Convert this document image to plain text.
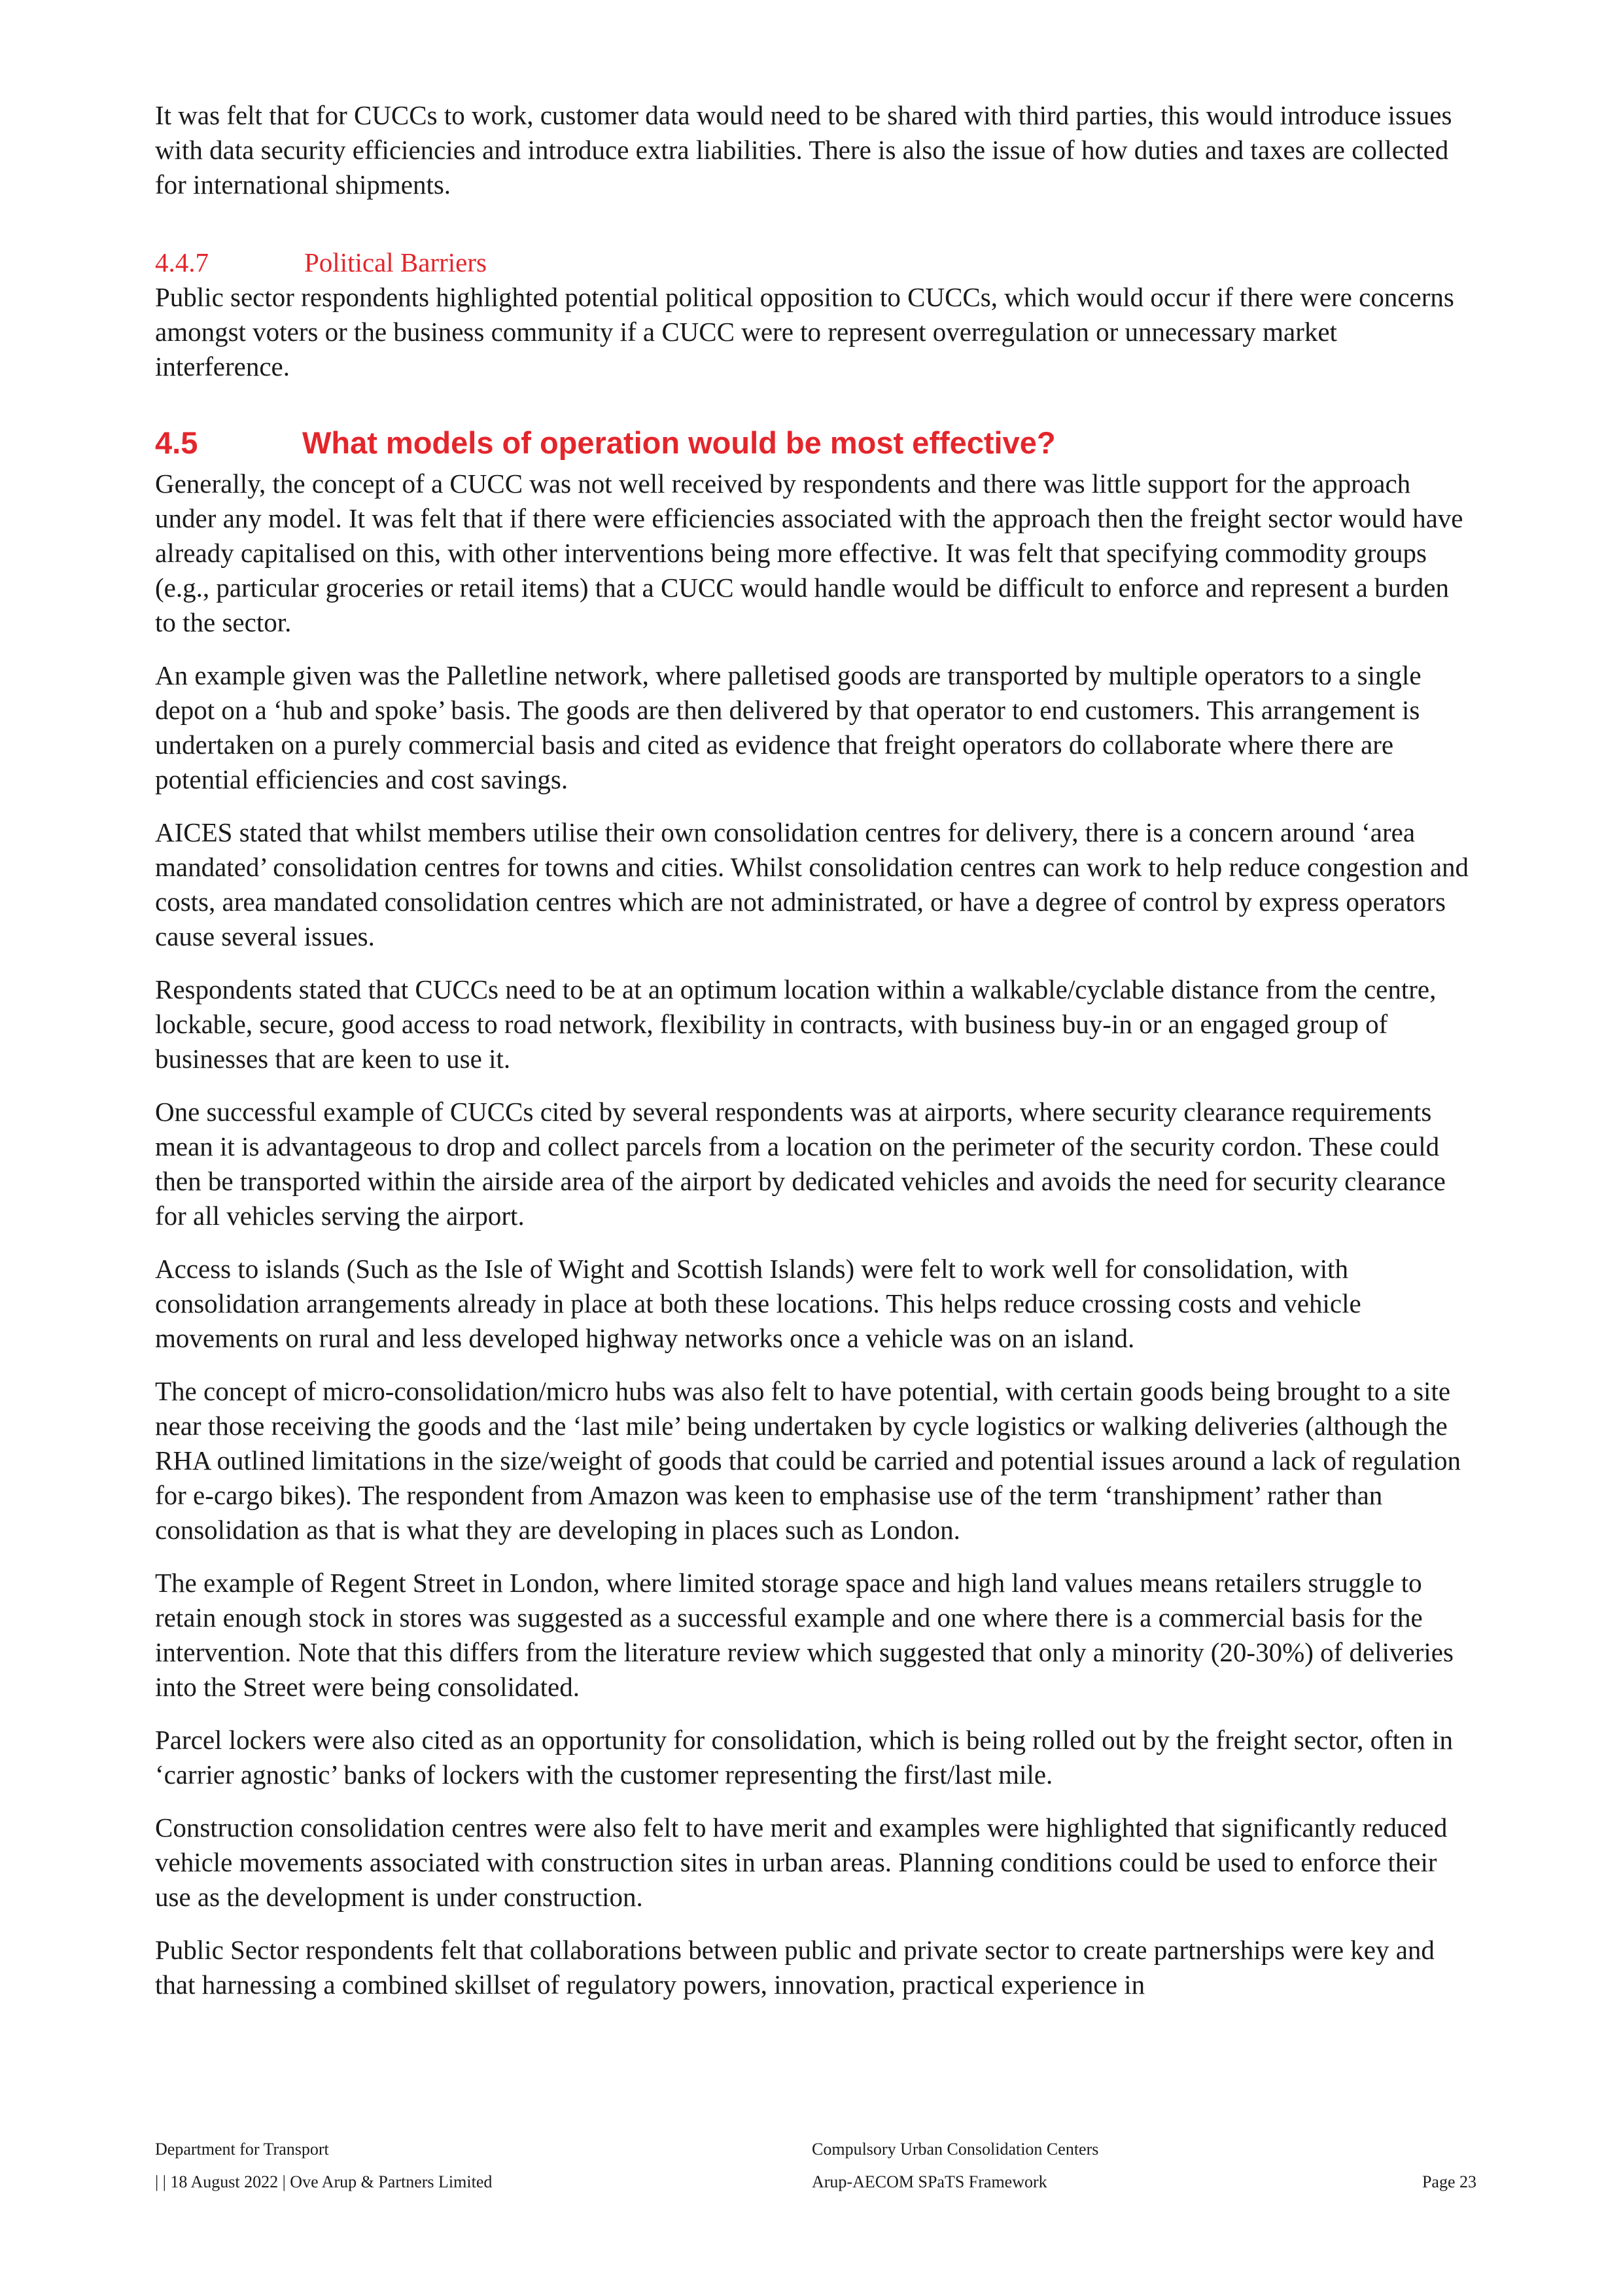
It was felt that for CUCCs to work, customer data would need to be shared with third parties, this would introduce issues with data security efficiencies and introduce extra liabilities. There is also the issue of how duties and taxes are collected for international shipments.

4.4.7	Political Barriers

Public sector respondents highlighted potential political opposition to CUCCs, which would occur if there were concerns amongst voters or the business community if a CUCC were to represent overregulation or unnecessary market interference.

4.5	What models of operation would be most effective?

Generally, the concept of a CUCC was not well received by respondents and there was little support for the approach under any model. It was felt that if there were efficiencies associated with the approach then the freight sector would have already capitalised on this, with other interventions being more effective. It was felt that specifying commodity groups (e.g., particular groceries or retail items) that a CUCC would handle would be difficult to enforce and represent a burden to the sector.

An example given was the Palletline network, where palletised goods are transported by multiple operators to a single depot on a ‘hub and spoke’ basis. The goods are then delivered by that operator to end customers. This arrangement is undertaken on a purely commercial basis and cited as evidence that freight operators do collaborate where there are potential efficiencies and cost savings.

AICES stated that whilst members utilise their own consolidation centres for delivery, there is a concern around ‘area mandated’ consolidation centres for towns and cities. Whilst consolidation centres can work to help reduce congestion and costs, area mandated consolidation centres which are not administrated, or have a degree of control by express operators cause several issues.

Respondents stated that CUCCs need to be at an optimum location within a walkable/cyclable distance from the centre, lockable, secure, good access to road network, flexibility in contracts, with business buy-in or an engaged group of businesses that are keen to use it.

One successful example of CUCCs cited by several respondents was at airports, where security clearance requirements mean it is advantageous to drop and collect parcels from a location on the perimeter of the security cordon. These could then be transported within the airside area of the airport by dedicated vehicles and avoids the need for security clearance for all vehicles serving the airport.

Access to islands (Such as the Isle of Wight and Scottish Islands) were felt to work well for consolidation, with consolidation arrangements already in place at both these locations. This helps reduce crossing costs and vehicle movements on rural and less developed highway networks once a vehicle was on an island.

The concept of micro-consolidation/micro hubs was also felt to have potential, with certain goods being brought to a site near those receiving the goods and the ‘last mile’ being undertaken by cycle logistics or walking deliveries (although the RHA outlined limitations in the size/weight of goods that could be carried and potential issues around a lack of regulation for e-cargo bikes). The respondent from Amazon was keen to emphasise use of the term ‘transhipment’ rather than consolidation as that is what they are developing in places such as London.

The example of Regent Street in London, where limited storage space and high land values means retailers struggle to retain enough stock in stores was suggested as a successful example and one where there is a commercial basis for the intervention. Note that this differs from the literature review which suggested that only a minority (20-30%) of deliveries into the Street were being consolidated.

Parcel lockers were also cited as an opportunity for consolidation, which is being rolled out by the freight sector, often in ‘carrier agnostic’ banks of lockers with the customer representing the first/last mile.

Construction consolidation centres were also felt to have merit and examples were highlighted that significantly reduced vehicle movements associated with construction sites in urban areas. Planning conditions could be used to enforce their use as the development is under construction.

Public Sector respondents felt that collaborations between public and private sector to create partnerships were key and that harnessing a combined skillset of regulatory powers, innovation, practical experience in

Department for Transport	Compulsory Urban Consolidation Centers
| | 18 August 2022 | Ove Arup & Partners Limited	Arup-AECOM SPaTS Framework	Page 23
